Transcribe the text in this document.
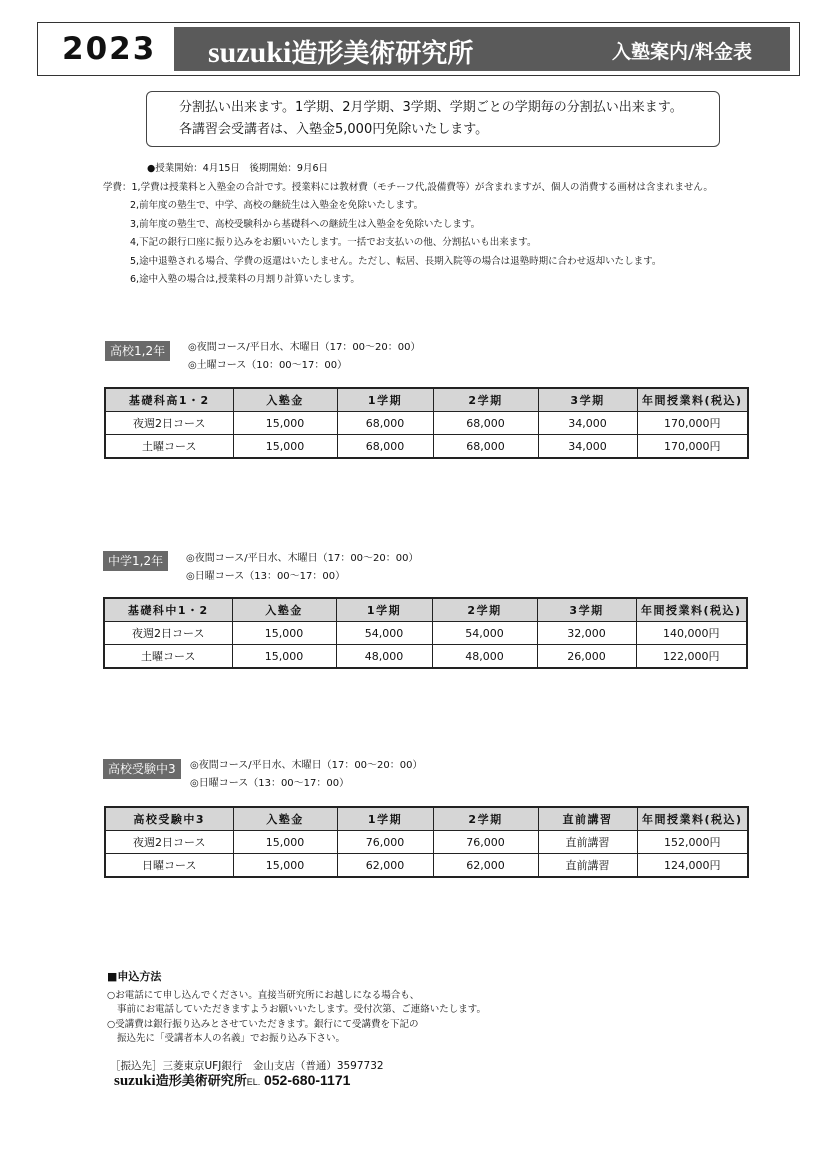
2023 suzuki造形美術研究所	入塾案内/料金表
分割払い出来ます。1学期、2月学期、3学期、学期ごとの学期毎の分割払い出来ます。
各講習会受講者は、入塾金5,000円免除いたします。
●授業開始：4月15日　後期開始：9月6日
学費：1,学費は授業料と入塾金の合計です。授業料には教材費（モチーフ代,設備費等）が含まれますが、個人の消費する画材は含まれません。
2,前年度の塾生で、中学、高校の継続生は入塾金を免除いたします。
3,前年度の塾生で、高校受験科から基礎科への継続生は入塾金を免除いたします。
4,下記の銀行口座に振り込みをお願いいたします。一括でお支払いの他、分割払いも出来ます。
5,途中退塾される場合、学費の返還はいたしません。ただし、転居、長期入院等の場合は退塾時期に合わせ返却いたします。
6,途中入塾の場合は,授業料の月割り計算いたします。
高校1,2年	◎夜間コース/平日水、木曜日（17：00〜20：00）
◎土曜コース（10：00〜17：00）
基礎科高1・2	入塾金	1学期	2学期	3学期	年間授業料(税込)
夜週2日コース	15,000	68,000	68,000	34,000	170,000円
土曜コース	15,000	68,000	68,000	34,000	170,000円
中学1,2年	◎夜間コース/平日水、木曜日（17：00〜20：00）
◎日曜コース（13：00〜17：00）
基礎科中1・2	入塾金	1学期	2学期	3学期	年間授業料(税込)
夜週2日コース	15,000	54,000	54,000	32,000	140,000円
土曜コース	15,000	48,000	48,000	26,000	122,000円
高校受験中3	◎夜間コース/平日水、木曜日（17：00〜20：00）
◎日曜コース（13：00〜17：00）
高校受験中3	入塾金	1学期	2学期	直前講習	年間授業料(税込)
夜週2日コース	15,000	76,000	76,000	直前講習	152,000円
日曜コース	15,000	62,000	62,000	直前講習	124,000円
■申込方法
○お電話にて申し込んでください。直接当研究所にお越しになる場合も、
事前にお電話していただきますようお願いいたします。受付次第、ご連絡いたします。
○受講費は銀行振り込みとさせていただきます。銀行にて受講費を下記の
振込先に「受講者本人の名義」でお振り込み下さい。
［振込先］三菱東京UFJ銀行　金山支店（普通）3597732
suzuki造形美術研究所EL. 052-680-1171
